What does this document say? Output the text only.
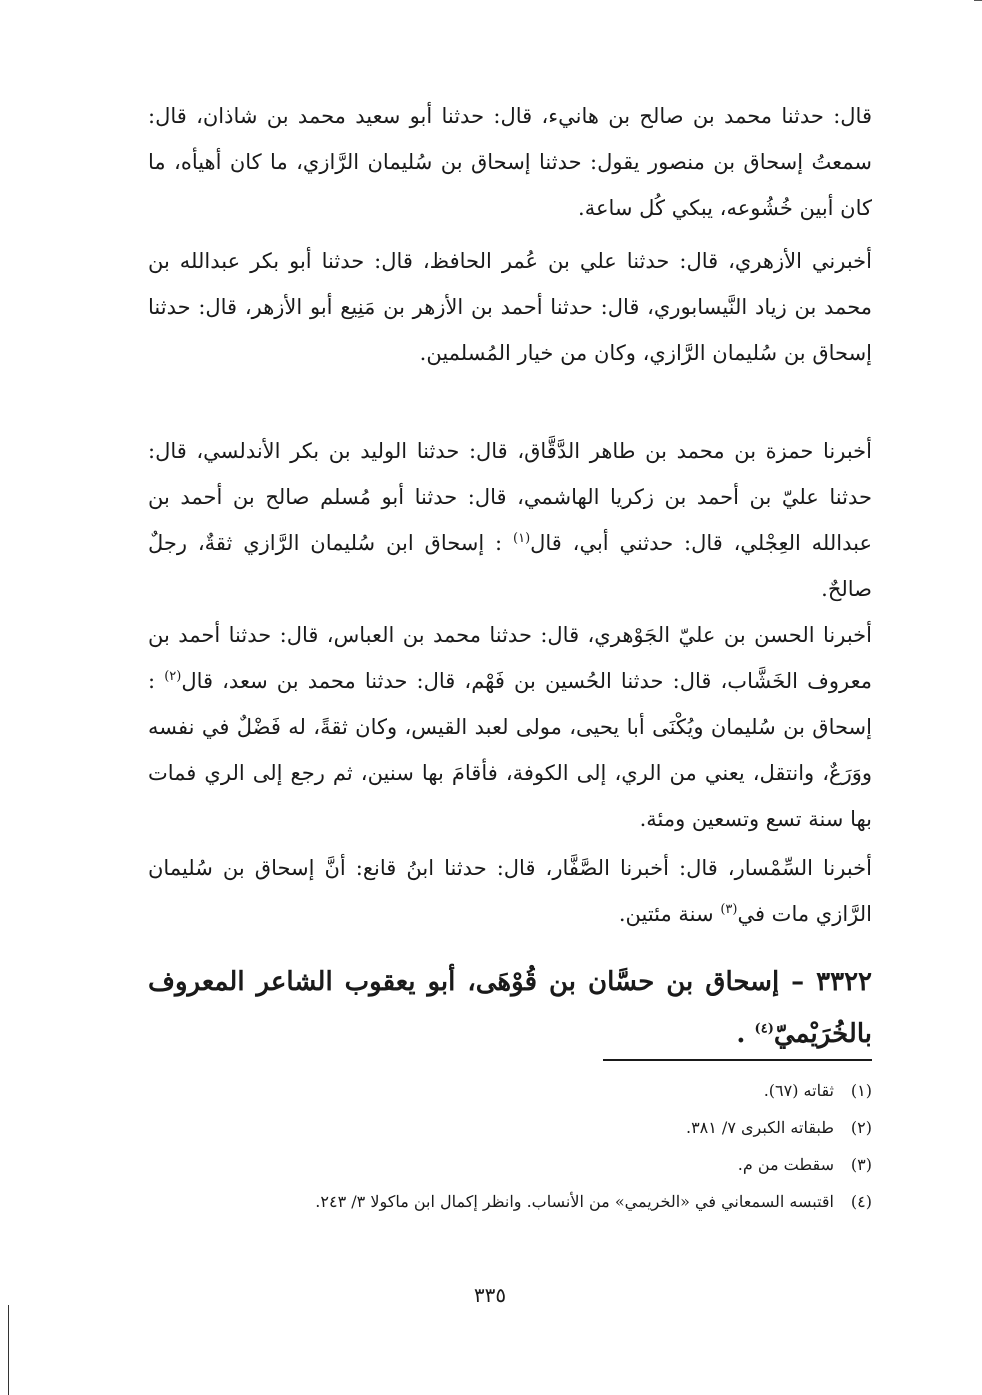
قال: حدثنا محمد بن صالح بن هانيء، قال: حدثنا أبو سعيد محمد بن شاذان، قال: سمعتُ إسحاق بن منصور يقول: حدثنا إسحاق بن سُليمان الرَّازي، ما كان أهيأه، ما كان أبين خُشُوعه، يبكي كُل ساعة.

أخبرني الأزهري، قال: حدثنا علي بن عُمر الحافظ، قال: حدثنا أبو بكر عبدالله بن محمد بن زياد النَّيسابوري، قال: حدثنا أحمد بن الأزهر بن مَنِيع أبو الأزهر، قال: حدثنا إسحاق بن سُليمان الرَّازي، وكان من خيار المُسلمين.

أخبرنا حمزة بن محمد بن طاهر الدَّقَّاق، قال: حدثنا الوليد بن بكر الأندلسي، قال: حدثنا عليّ بن أحمد بن زكريا الهاشمي، قال: حدثنا أبو مُسلم صالح بن أحمد بن عبدالله العِجْلي، قال: حدثني أبي، قال$^{(١)}$ : إسحاق ابن سُليمان الرَّازي ثقةٌ، رجلٌ صالحٌ.

أخبرنا الحسن بن عليّ الجَوْهري، قال: حدثنا محمد بن العباس، قال: حدثنا أحمد بن معروف الخَشَّاب، قال: حدثنا الحُسين بن فَهْم، قال: حدثنا محمد بن سعد، قال$^{(٢)}$ : إسحاق بن سُليمان ويُكْنَى أبا يحيى، مولى لعبد القيس، وكان ثقةً، له فَضْلٌ في نفسه ووَرَعٌ، وانتقل، يعني من الري، إلى الكوفة، فأقامَ بها سنين، ثم رجع إلى الري فمات بها سنة تسع وتسعين ومئة.

أخبرنا السِّمْسار، قال: أخبرنا الصَّفَّار، قال: حدثنا ابنُ قانع: أنَّ إسحاق بن سُليمان الرَّازي مات في$^{(٣)}$ سنة مئتين.

٣٣٢٢ – إسحاق بن حسَّان بن قُوْهَى، أبو يعقوب الشاعر المعروف بالخُرَيْميّ$^{(٤)}$ .
(١)ثقاته (٦٧).
(٢)طبقاته الكبرى ٧/ ٣٨١.
(٣)سقطت من م.
(٤)اقتبسه السمعاني في «الخريمي» من الأنساب. وانظر إكمال ابن ماكولا ٣/ ٢٤٣.
٣٣٥
